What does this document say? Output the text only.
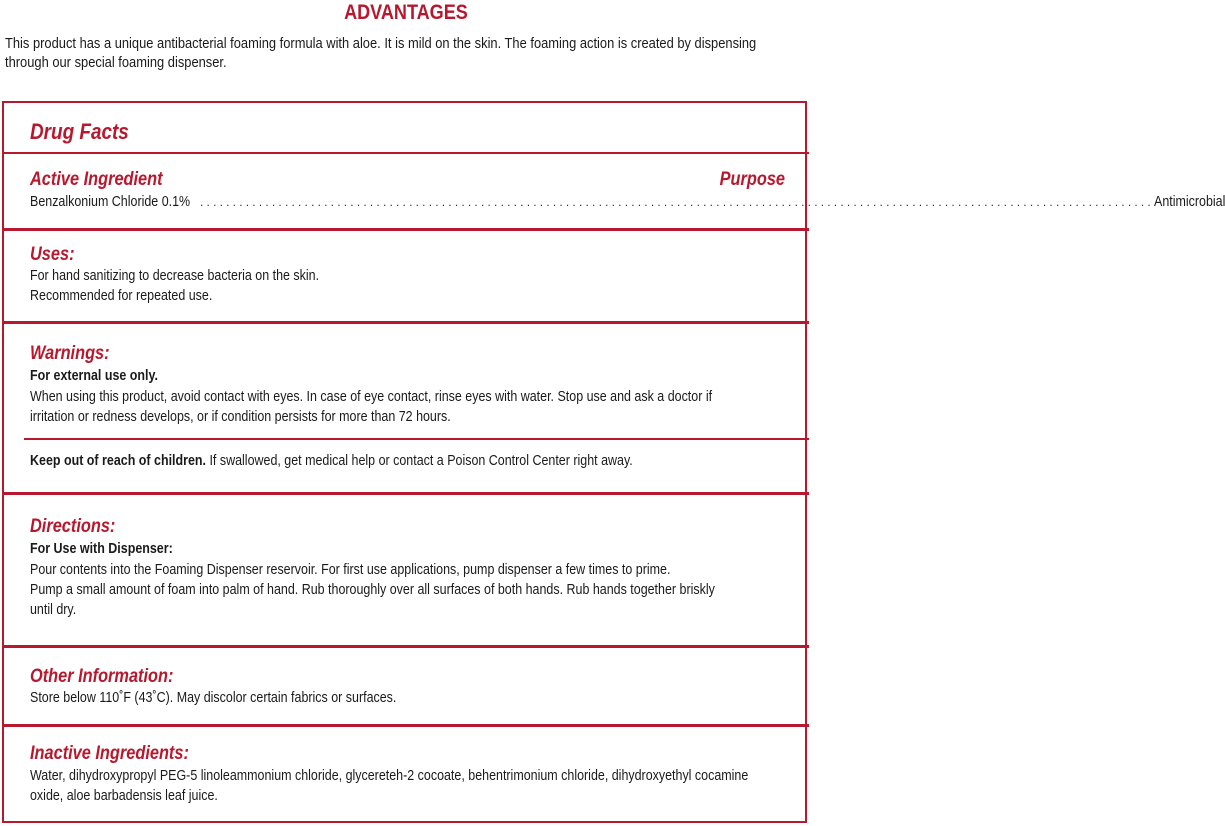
ADVANTAGES
This product has a unique antibacterial foaming formula with aloe. It is mild on the skin. The foaming action is created by dispensing
through our special foaming dispenser.
Drug Facts
Active Ingredient	Purpose
Benzalkonium Chloride 0.1% .................................................................................................................................................. Antimicrobial
Uses:
For hand sanitizing to decrease bacteria on the skin.
Recommended for repeated use.
Warnings:
For external use only.
When using this product, avoid contact with eyes. In case of eye contact, rinse eyes with water. Stop use and ask a doctor if
irritation or redness develops, or if condition persists for more than 72 hours.
Keep out of reach of children. If swallowed, get medical help or contact a Poison Control Center right away.
Directions:
For Use with Dispenser:
Pour contents into the Foaming Dispenser reservoir. For first use applications, pump dispenser a few times to prime.
Pump a small amount of foam into palm of hand. Rub thoroughly over all surfaces of both hands. Rub hands together briskly
until dry.
Other Information:
Store below 110˚F (43˚C). May discolor certain fabrics or surfaces.
Inactive Ingredients:
Water, dihydroxypropyl PEG-5 linoleammonium chloride, glycereteh-2 cocoate, behentrimonium chloride, dihydroxyethyl cocamine
oxide, aloe barbadensis leaf juice.
